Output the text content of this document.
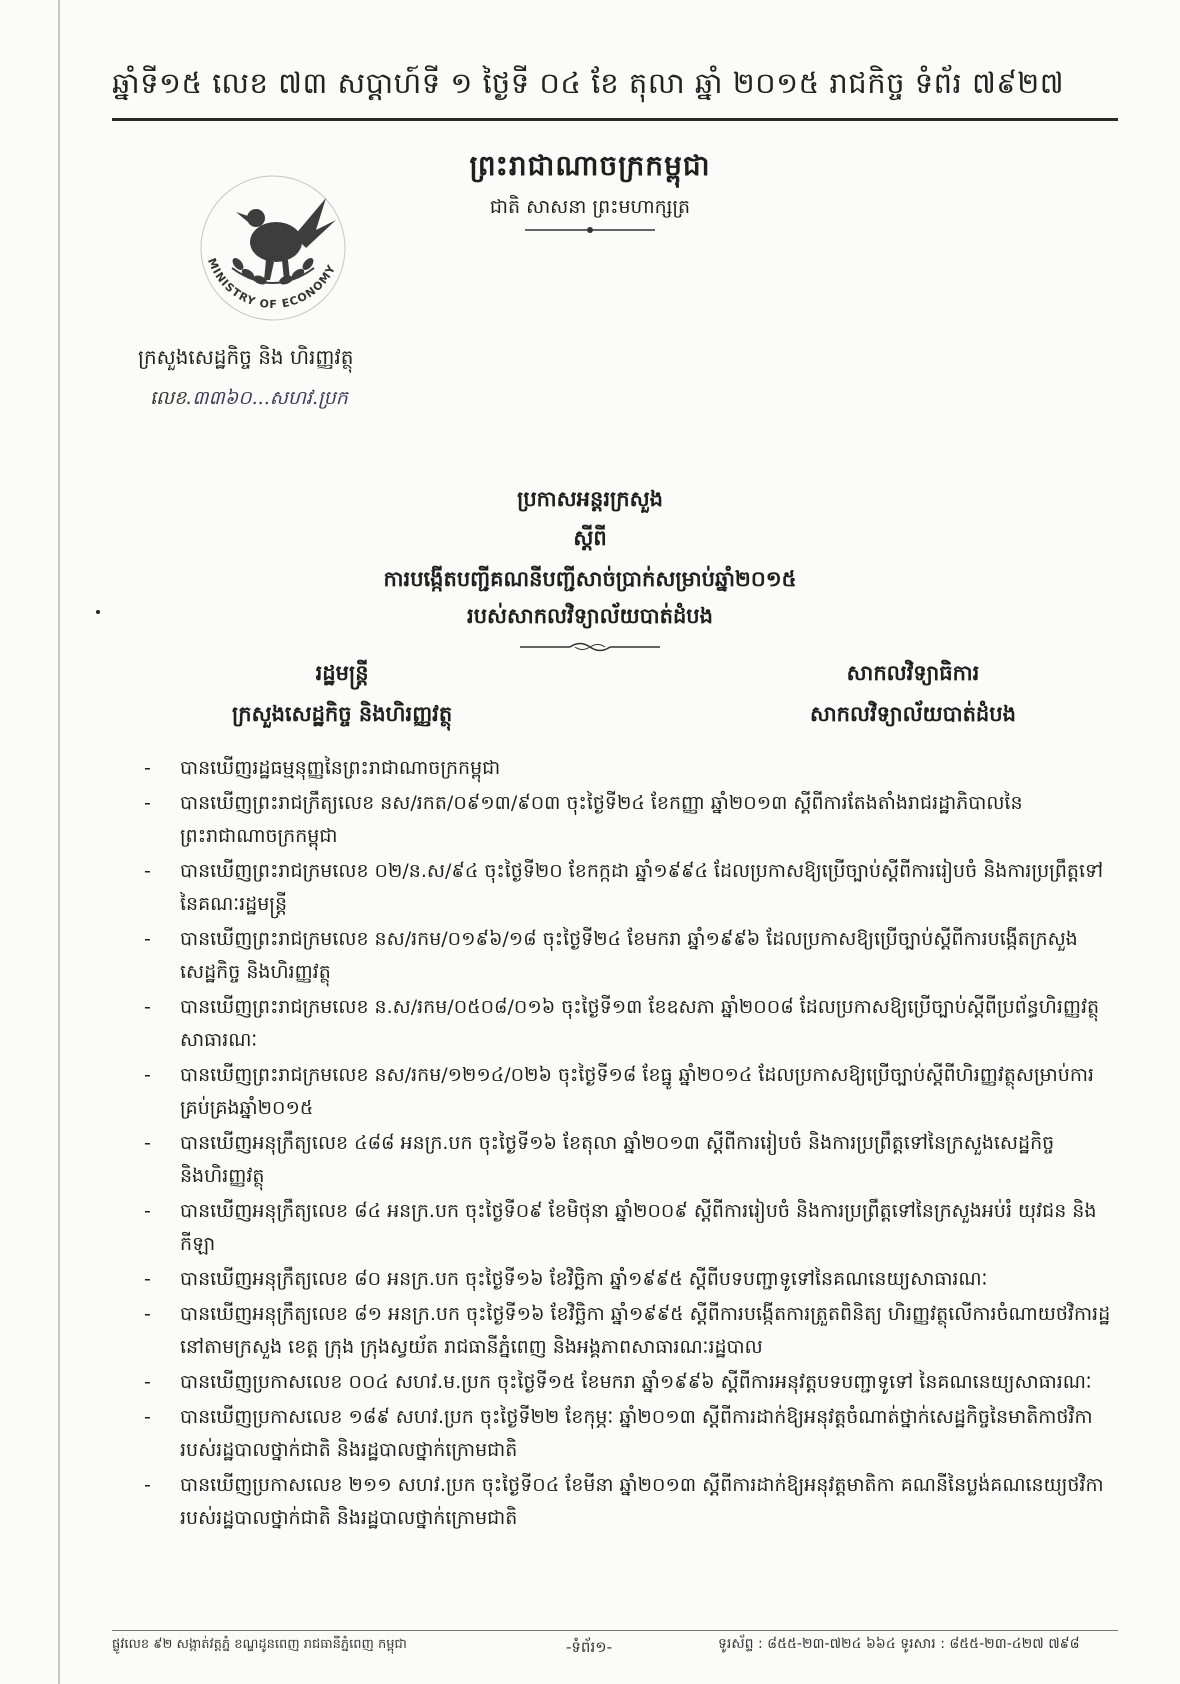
ឆ្នាំទី១៥ លេខ ៧៣ សប្តាហ៍ទី ១ ថ្ងៃទី ០៤ ខែ តុលា ឆ្នាំ ២០១៥ រាជកិច្ច ទំព័រ ៧៩២៧
ព្រះរាជាណាចក្រកម្ពុជា
ជាតិ សាសនា ព្រះមហាក្សត្រ
MINISTRY OF ECONOMY
ក្រសួងសេដ្ឋកិច្ច និង ហិរញ្ញវត្ថុ
លេខ.៣៣៦០...សហវ.ប្រក
ប្រកាសអន្តរក្រសួង
ស្តីពី
ការបង្កើតបញ្ជីគណនីបញ្ជីសាច់ប្រាក់សម្រាប់ឆ្នាំ២០១៥
របស់សាកលវិទ្យាល័យបាត់ដំបង
រដ្ឋមន្ត្រី
ក្រសួងសេដ្ឋកិច្ច និងហិរញ្ញវត្ថុ
សាកលវិទ្យាធិការ
សាកលវិទ្យាល័យបាត់ដំបង
- បានឃើញរដ្ឋធម្មនុញ្ញនៃព្រះរាជាណាចក្រកម្ពុជា
- បានឃើញព្រះរាជក្រឹត្យលេខ នស/រកត/០៩១៣/៩០៣ ចុះថ្ងៃទី២៤ ខែកញ្ញា ឆ្នាំ២០១៣ ស្តីពីការតែងតាំងរាជរដ្ឋាភិបាលនៃព្រះរាជាណាចក្រកម្ពុជា
- បានឃើញព្រះរាជក្រមលេខ ០២/ន.ស/៩៤ ចុះថ្ងៃទី២០ ខែកក្កដា ឆ្នាំ១៩៩៤ ដែលប្រកាសឱ្យប្រើច្បាប់ស្តីពីការរៀបចំ និងការប្រព្រឹត្តទៅនៃគណៈរដ្ឋមន្ត្រី
- បានឃើញព្រះរាជក្រមលេខ នស/រកម/០១៩៦/១៨ ចុះថ្ងៃទី២៤ ខែមករា ឆ្នាំ១៩៩៦ ដែលប្រកាសឱ្យប្រើច្បាប់ស្តីពីការបង្កើតក្រសួងសេដ្ឋកិច្ច និងហិរញ្ញវត្ថុ
- បានឃើញព្រះរាជក្រមលេខ ន.ស/រកម/០៥០៨/០១៦ ចុះថ្ងៃទី១៣ ខែឧសភា ឆ្នាំ២០០៨ ដែលប្រកាសឱ្យប្រើច្បាប់ស្តីពីប្រព័ន្ធហិរញ្ញវត្ថុសាធារណៈ
- បានឃើញព្រះរាជក្រមលេខ នស/រកម/១២១៤/០២៦ ចុះថ្ងៃទី១៨ ខែធ្នូ ឆ្នាំ២០១៤ ដែលប្រកាសឱ្យប្រើច្បាប់ស្តីពីហិរញ្ញវត្ថុសម្រាប់ការគ្រប់គ្រងឆ្នាំ២០១៥
- បានឃើញអនុក្រឹត្យលេខ ៤៨៨ អនក្រ.បក ចុះថ្ងៃទី១៦ ខែតុលា ឆ្នាំ២០១៣ ស្តីពីការរៀបចំ និងការប្រព្រឹត្តទៅនៃក្រសួងសេដ្ឋកិច្ច និងហិរញ្ញវត្ថុ
- បានឃើញអនុក្រឹត្យលេខ ៨៤ អនក្រ.បក ចុះថ្ងៃទី០៩ ខែមិថុនា ឆ្នាំ២០០៩ ស្តីពីការរៀបចំ និងការប្រព្រឹត្តទៅនៃក្រសួងអប់រំ យុវជន និងកីឡា
- បានឃើញអនុក្រឹត្យលេខ ៨០ អនក្រ.បក ចុះថ្ងៃទី១៦ ខែវិច្ឆិកា ឆ្នាំ១៩៩៥ ស្តីពីបទបញ្ជាទូទៅនៃគណនេយ្យសាធារណៈ
- បានឃើញអនុក្រឹត្យលេខ ៨១ អនក្រ.បក ចុះថ្ងៃទី១៦ ខែវិច្ឆិកា ឆ្នាំ១៩៩៥ ស្តីពីការបង្កើតការត្រួតពិនិត្យ ហិរញ្ញវត្ថុលើការចំណាយថវិការដ្ឋ នៅតាមក្រសួង ខេត្ត ក្រុង ក្រុងស្វយ័ត រាជធានីភ្នំពេញ និងអង្គភាពសាធារណៈរដ្ឋបាល
- បានឃើញប្រកាសលេខ ០០៤ សហវ.ម.ប្រក ចុះថ្ងៃទី១៥ ខែមករា ឆ្នាំ១៩៩៦ ស្តីពីការអនុវត្តបទបញ្ជាទូទៅ នៃគណនេយ្យសាធារណៈ
- បានឃើញប្រកាសលេខ ១៨៩ សហវ.ប្រក ចុះថ្ងៃទី២២ ខែកុម្ភៈ ឆ្នាំ២០១៣ ស្តីពីការដាក់ឱ្យអនុវត្តចំណាត់ថ្នាក់សេដ្ឋកិច្ចនៃមាតិកាថវិការបស់រដ្ឋបាលថ្នាក់ជាតិ និងរដ្ឋបាលថ្នាក់ក្រោមជាតិ
- បានឃើញប្រកាសលេខ ២១១ សហវ.ប្រក ចុះថ្ងៃទី០៤ ខែមីនា ឆ្នាំ២០១៣ ស្តីពីការដាក់ឱ្យអនុវត្តមាតិកា គណនីនៃប្លង់គណនេយ្យថវិការបស់រដ្ឋបាលថ្នាក់ជាតិ និងរដ្ឋបាលថ្នាក់ក្រោមជាតិ
ផ្លូវលេខ ៩២ សង្កាត់វត្តភ្នំ ខណ្ឌដូនពេញ រាជធានីភ្នំពេញ កម្ពុជា	-ទំព័រ១-	ទូរស័ព្ទ : ៨៥៥-២៣-៧២៤ ៦៦៤ ទូរសារ : ៨៥៥-២៣-៤២៧ ៧៩៨
